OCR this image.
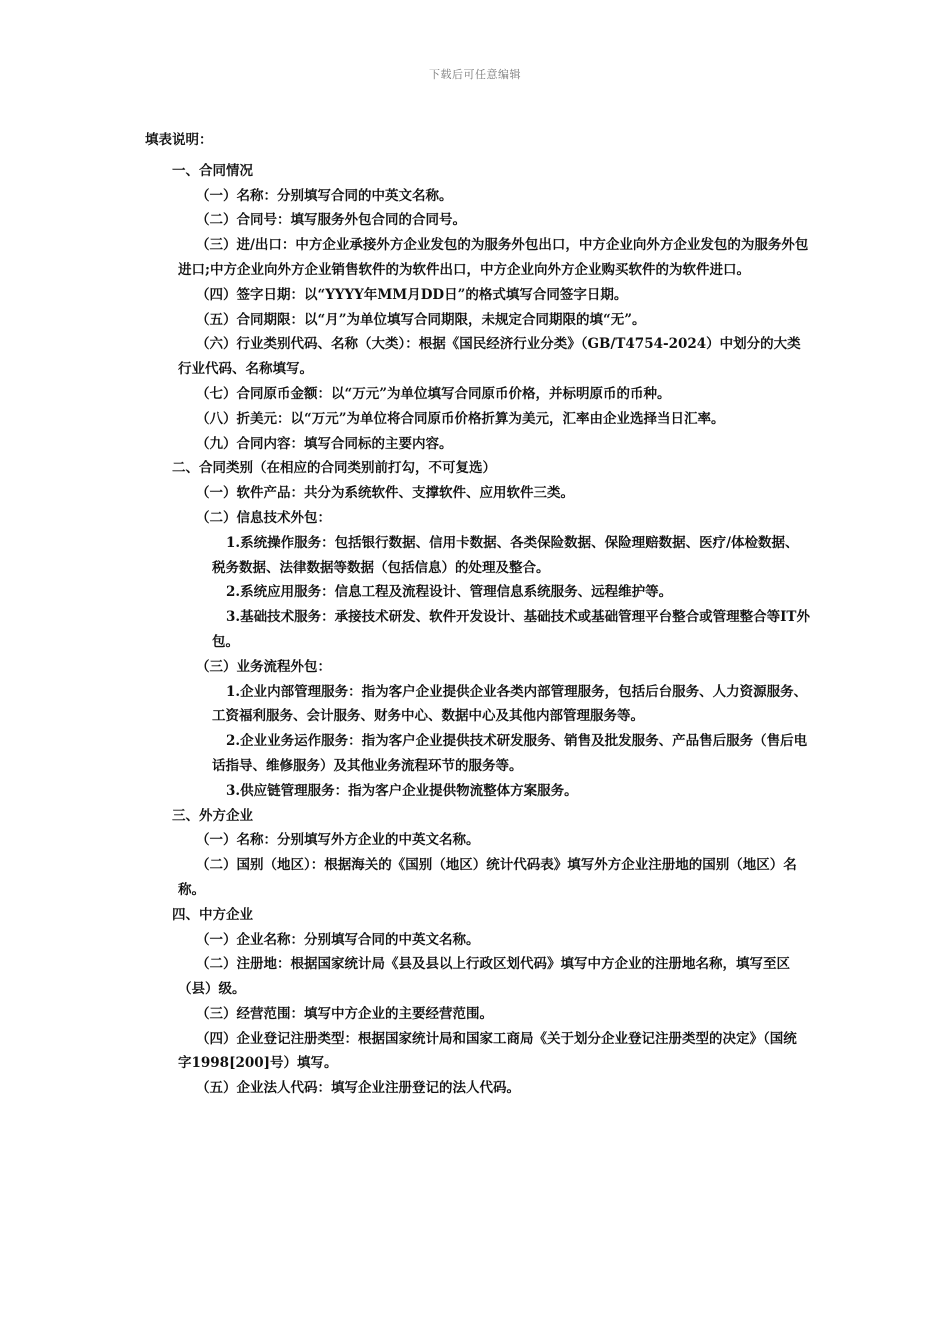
下载后可任意编辑
填表说明：
一、合同情况
（一）名称：分别填写合同的中英文名称。
（二）合同号：填写服务外包合同的合同号。
（三）进/出口：中方企业承接外方企业发包的为服务外包出口，中方企业向外方企业发包的为服务外包进口;中方企业向外方企业销售软件的为软件出口，中方企业向外方企业购买软件的为软件进口。
（四）签字日期：以“YYYY年MM月DD日”的格式填写合同签字日期。
（五）合同期限：以“月”为单位填写合同期限，未规定合同期限的填“无”。
（六）行业类别代码、名称（大类）：根据《国民经济行业分类》（GB/T4754-2024）中划分的大类行业代码、名称填写。
（七）合同原币金额：以“万元”为单位填写合同原币价格，并标明原币的币种。
（八）折美元：以“万元”为单位将合同原币价格折算为美元，汇率由企业选择当日汇率。
（九）合同内容：填写合同标的主要内容。
二、合同类别（在相应的合同类别前打勾，不可复选）
（一）软件产品：共分为系统软件、支撑软件、应用软件三类。
（二）信息技术外包：
1.系统操作服务：包括银行数据、信用卡数据、各类保险数据、保险理赔数据、医疗/体检数据、税务数据、法律数据等数据（包括信息）的处理及整合。
2.系统应用服务：信息工程及流程设计、管理信息系统服务、远程维护等。
3.基础技术服务：承接技术研发、软件开发设计、基础技术或基础管理平台整合或管理整合等IT外包。
（三）业务流程外包：
1.企业内部管理服务：指为客户企业提供企业各类内部管理服务，包括后台服务、人力资源服务、工资福利服务、会计服务、财务中心、数据中心及其他内部管理服务等。
2.企业业务运作服务：指为客户企业提供技术研发服务、销售及批发服务、产品售后服务（售后电话指导、维修服务）及其他业务流程环节的服务等。
3.供应链管理服务：指为客户企业提供物流整体方案服务。
三、外方企业
（一）名称：分别填写外方企业的中英文名称。
（二）国别（地区）：根据海关的《国别（地区）统计代码表》填写外方企业注册地的国别（地区）名称。
四、中方企业
（一）企业名称：分别填写合同的中英文名称。
（二）注册地：根据国家统计局《县及县以上行政区划代码》填写中方企业的注册地名称，填写至区（县）级。
（三）经营范围：填写中方企业的主要经营范围。
（四）企业登记注册类型：根据国家统计局和国家工商局《关于划分企业登记注册类型的决定》（国统字1998[200]号）填写。
（五）企业法人代码：填写企业注册登记的法人代码。
